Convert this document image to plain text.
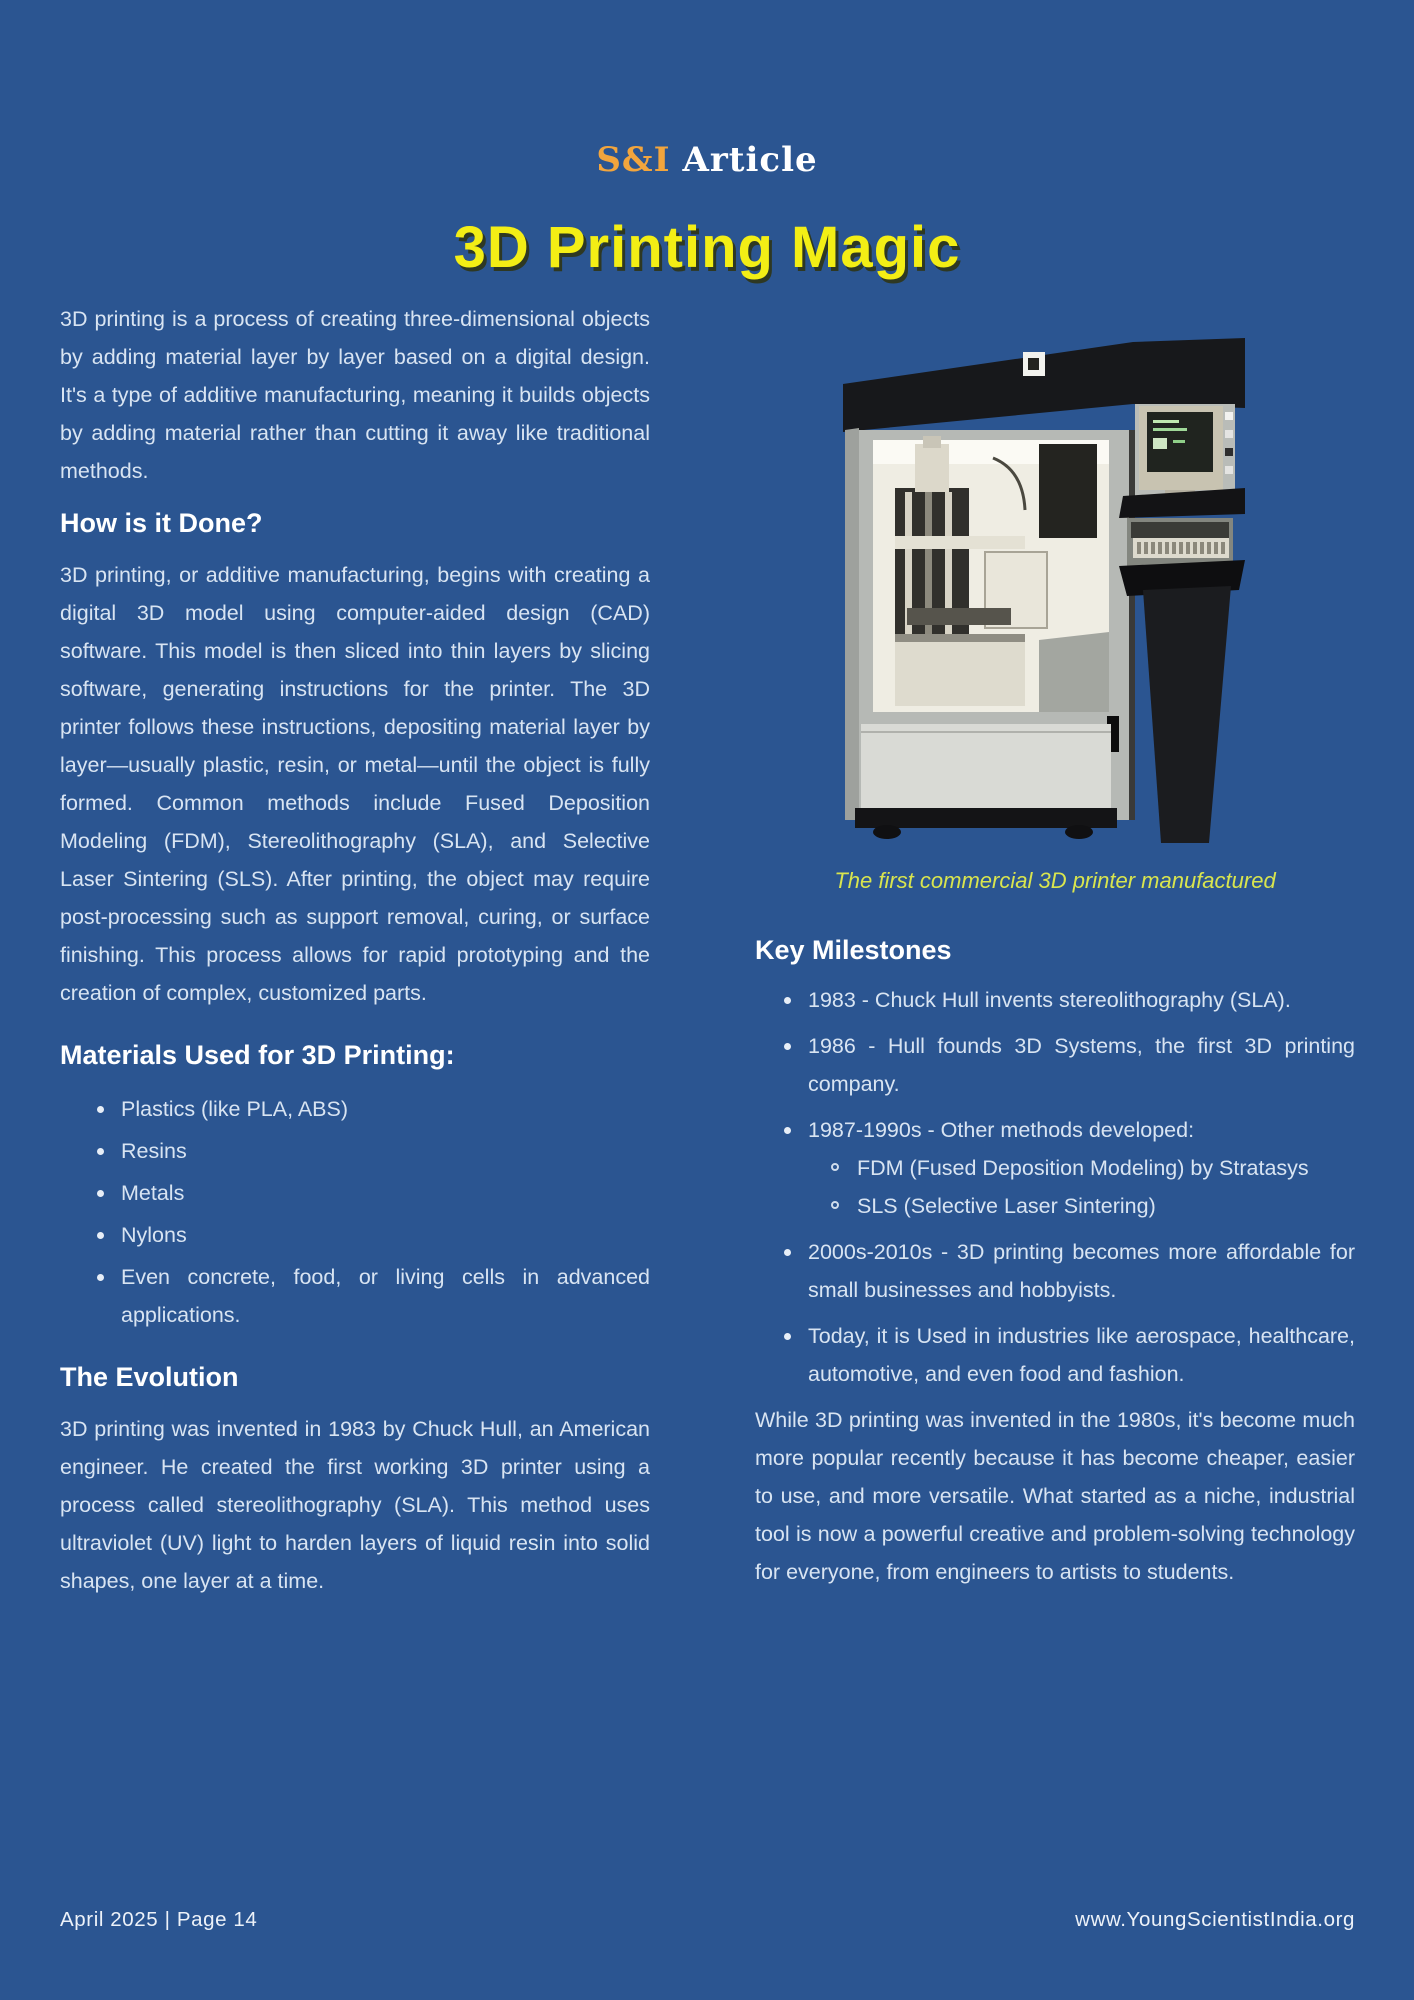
S&I Article
3D Printing Magic

3D printing is a process of creating three-dimensional objects by adding material layer by layer based on a digital design. It's a type of additive manufacturing, meaning it builds objects by adding material rather than cutting it away like traditional methods.

How is it Done?

3D printing, or additive manufacturing, begins with creating a digital 3D model using computer-aided design (CAD) software. This model is then sliced into thin layers by slicing software, generating instructions for the printer. The 3D printer follows these instructions, depositing material layer by layer—usually plastic, resin, or metal—until the object is fully formed. Common methods include Fused Deposition Modeling (FDM), Stereolithography (SLA), and Selective Laser Sintering (SLS). After printing, the object may require post-processing such as support removal, curing, or surface finishing. This process allows for rapid prototyping and the creation of complex, customized parts.

Materials Used for 3D Printing:
Plastics (like PLA, ABS)
Resins
Metals
Nylons
Even concrete, food, or living cells in advanced applications.
The Evolution

3D printing was invented in 1983 by Chuck Hull, an American engineer. He created the first working 3D printer using a process called stereolithography (SLA). This method uses ultraviolet (UV) light to harden layers of liquid resin into solid shapes, one layer at a time.

The first commercial 3D printer manufactured
Key Milestones
1983 - Chuck Hull invents stereolithography (SLA).
1986 - Hull founds 3D Systems, the first 3D printing company.
1987-1990s - Other methods developed:
FDM (Fused Deposition Modeling) by Stratasys
SLS (Selective Laser Sintering)
2000s-2010s - 3D printing becomes more affordable for small businesses and hobbyists.
Today, it is Used in industries like aerospace, healthcare, automotive, and even food and fashion.

While 3D printing was invented in the 1980s, it's become much more popular recently because it has become cheaper, easier to use, and more versatile. What started as a niche, industrial tool is now a powerful creative and problem-solving technology for everyone, from engineers to artists to students.

April 2025 | Page 14	www.YoungScientistIndia.org
